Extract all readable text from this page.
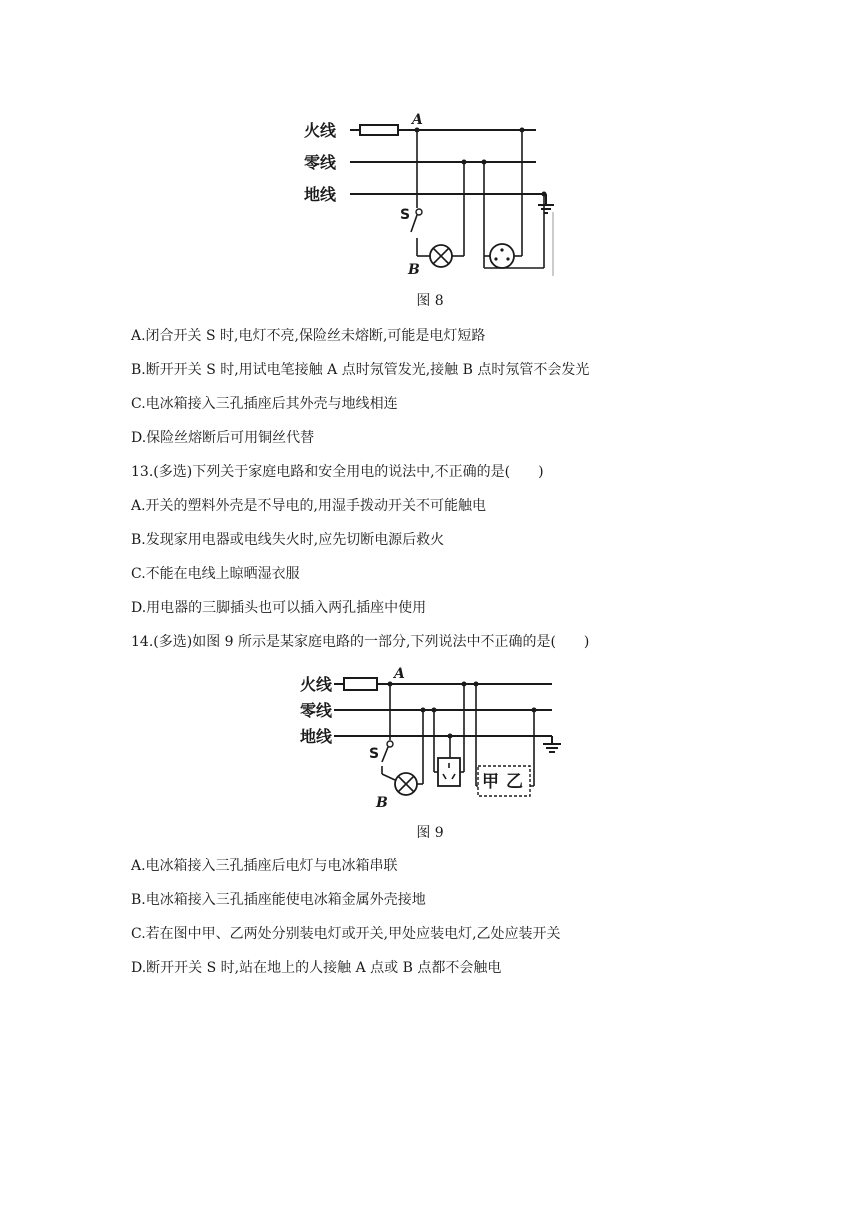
火线
零线
地线
A
S
B
图 8
A.闭合开关 S 时,电灯不亮,保险丝未熔断,可能是电灯短路
B.断开开关 S 时,用试电笔接触 A 点时氖管发光,接触 B 点时氖管不会发光
C.电冰箱接入三孔插座后其外壳与地线相连
D.保险丝熔断后可用铜丝代替
13.(多选)下列关于家庭电路和安全用电的说法中,不正确的是(　　)
A.开关的塑料外壳是不导电的,用湿手拨动开关不可能触电
B.发现家用电器或电线失火时,应先切断电源后救火
C.不能在电线上晾晒湿衣服
D.用电器的三脚插头也可以插入两孔插座中使用
14.(多选)如图 9 所示是某家庭电路的一部分,下列说法中不正确的是(　　)
火线
零线
地线
A
S
B
甲 乙
图 9
A.电冰箱接入三孔插座后电灯与电冰箱串联
B.电冰箱接入三孔插座能使电冰箱金属外壳接地
C.若在图中甲、乙两处分别装电灯或开关,甲处应装电灯,乙处应装开关
D.断开开关 S 时,站在地上的人接触 A 点或 B 点都不会触电
